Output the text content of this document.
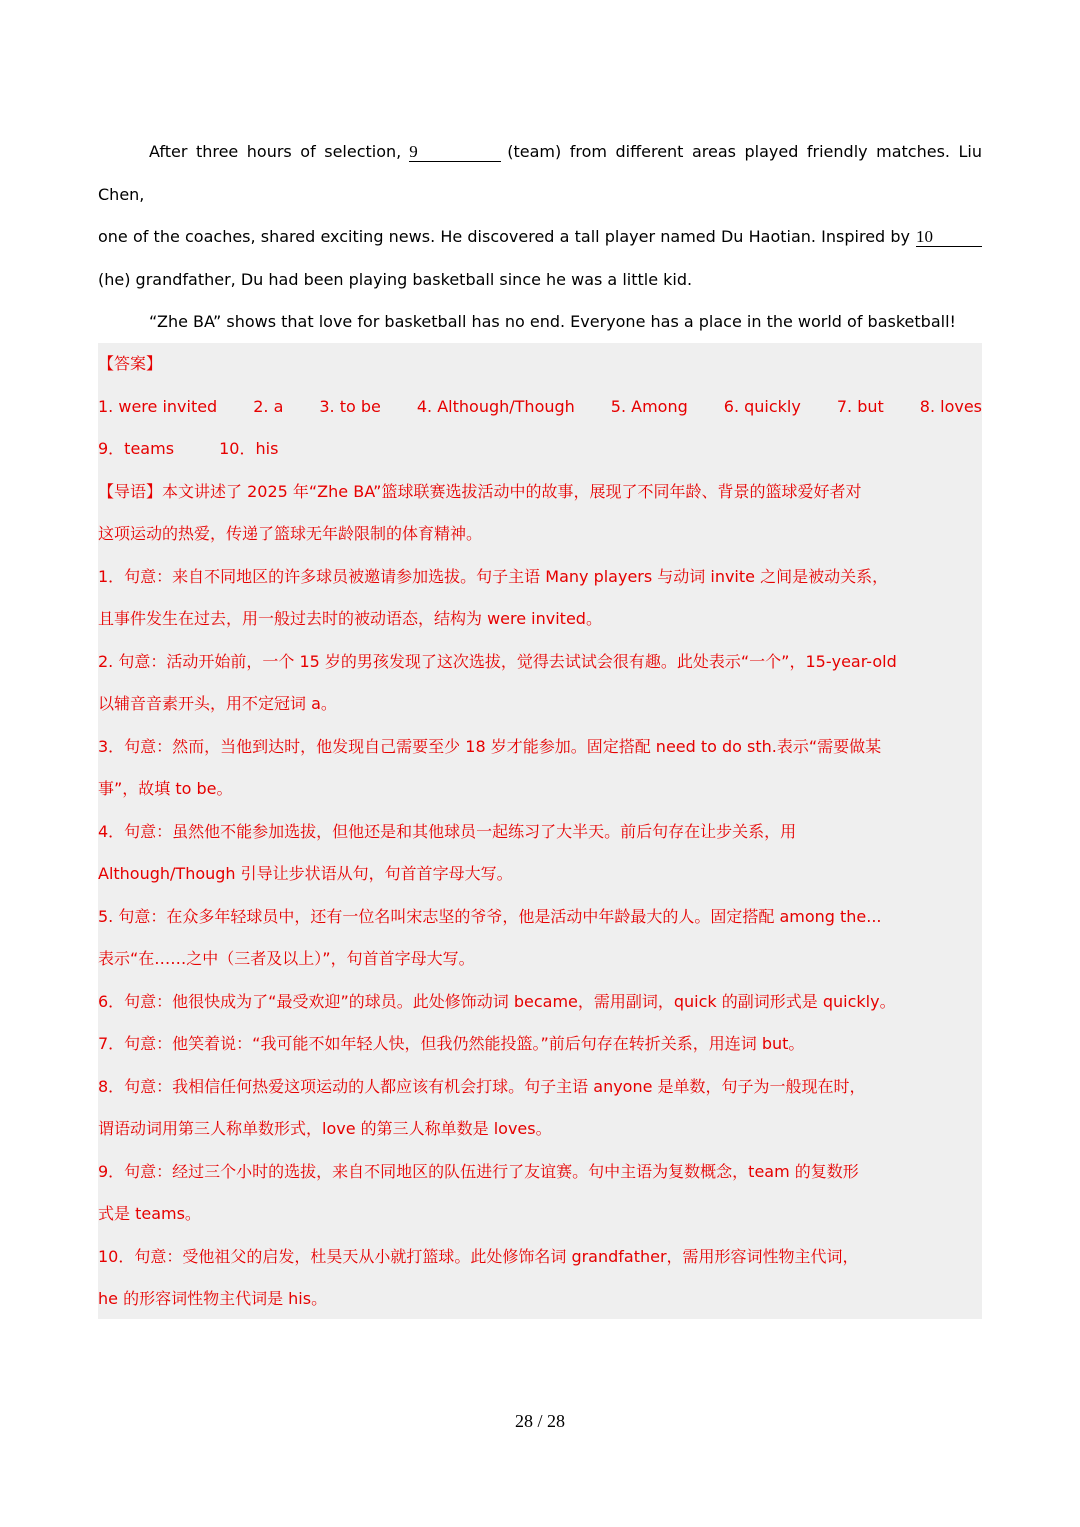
After three hours of selection, 9	(team) from different areas played friendly matches. Liu Chen,

one of the coaches, shared exciting news. He discovered a tall player named Du Haotian. Inspired by 10

(he) grandfather, Du had been playing basketball since he was a little kid.

“Zhe BA” shows that love for basketball has no end. Everyone has a place in the world of basketball!

【答案】

1. were invited 2. a 3. to be 4. Although/Though 5. Among 6. quickly 7. but 8. loves
9．teams	10．his

【导语】本文讲述了 2025 年“Zhe BA”篮球联赛选拔活动中的故事，展现了不同年龄、背景的篮球爱好者对

这项运动的热爱，传递了篮球无年龄限制的体育精神。

1．句意：来自不同地区的许多球员被邀请参加选拔。句子主语 Many players 与动词 invite 之间是被动关系，

且事件发生在过去，用一般过去时的被动语态，结构为 were invited。

2. 句意：活动开始前，一个 15 岁的男孩发现了这次选拔，觉得去试试会很有趣。此处表示“一个”，15-year-old

以辅音音素开头，用不定冠词 a。

3．句意：然而，当他到达时，他发现自己需要至少 18 岁才能参加。固定搭配 need to do sth.表示“需要做某

事”，故填 to be。

4．句意：虽然他不能参加选拔，但他还是和其他球员一起练习了大半天。前后句存在让步关系，用

Although/Though 引导让步状语从句，句首首字母大写。

5. 句意：在众多年轻球员中，还有一位名叫宋志坚的爷爷，他是活动中年龄最大的人。固定搭配 among the...

表示“在……之中（三者及以上）”，句首首字母大写。

6．句意：他很快成为了“最受欢迎”的球员。此处修饰动词 became，需用副词，quick 的副词形式是 quickly。

7．句意：他笑着说：“我可能不如年轻人快，但我仍然能投篮。”前后句存在转折关系，用连词 but。

8．句意：我相信任何热爱这项运动的人都应该有机会打球。句子主语 anyone 是单数，句子为一般现在时，

谓语动词用第三人称单数形式，love 的第三人称单数是 loves。

9．句意：经过三个小时的选拔，来自不同地区的队伍进行了友谊赛。句中主语为复数概念，team 的复数形

式是 teams。

10．句意：受他祖父的启发，杜昊天从小就打篮球。此处修饰名词 grandfather，需用形容词性物主代词，

he 的形容词性物主代词是 his。

28 / 28
